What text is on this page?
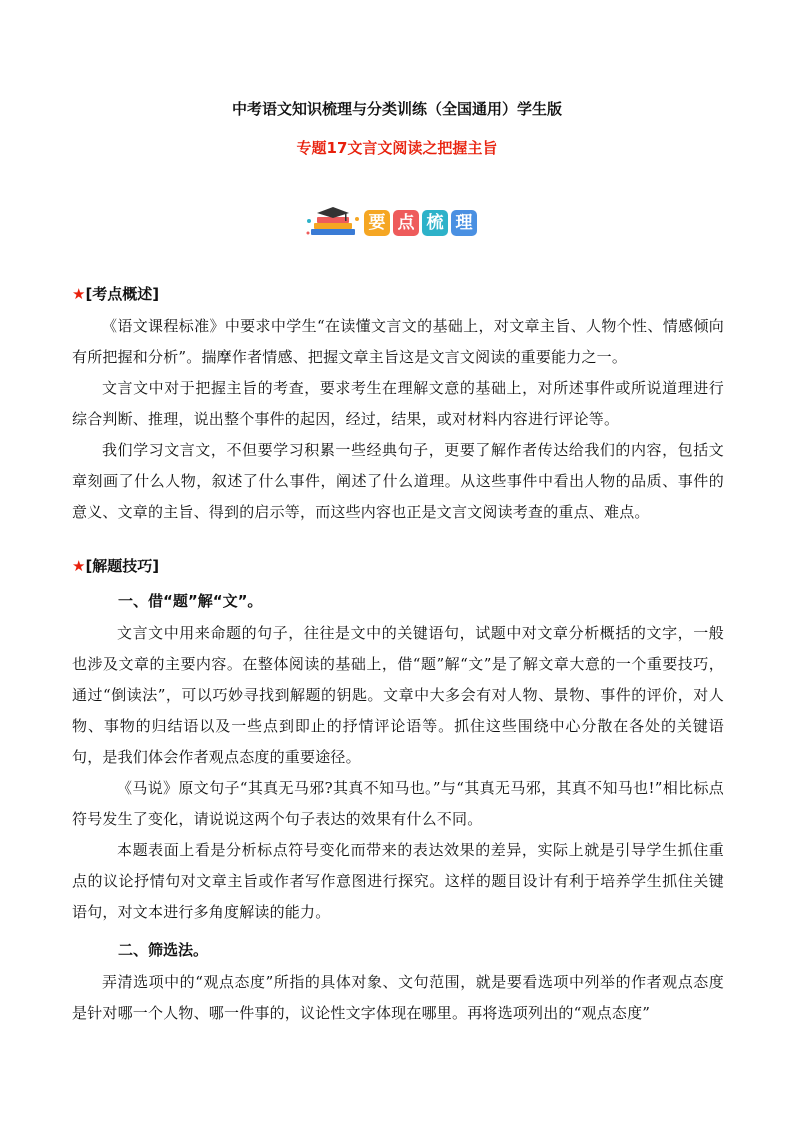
中考语文知识梳理与分类训练（全国通用）学生版
专题17文言文阅读之把握主旨
要 点 梳 理
★[考点概述]
《语文课程标准》中要求中学生“在读懂文言文的基础上，对文章主旨、人物个性、情感倾向有所把握和分析”。揣摩作者情感、把握文章主旨这是文言文阅读的重要能力之一。
文言文中对于把握主旨的考查，要求考生在理解文意的基础上，对所述事件或所说道理进行综合判断、推理，说出整个事件的起因，经过，结果，或对材料内容进行评论等。
我们学习文言文，不但要学习积累一些经典句子，更要了解作者传达给我们的内容，包括文章刻画了什么人物，叙述了什么事件，阐述了什么道理。从这些事件中看出人物的品质、事件的意义、文章的主旨、得到的启示等，而这些内容也正是文言文阅读考查的重点、难点。
★[解题技巧]
一、借“题”解“文”。
文言文中用来命题的句子，往往是文中的关键语句，试题中对文章分析概括的文字，一般也涉及文章的主要内容。在整体阅读的基础上，借“题”解“文”是了解文章大意的一个重要技巧，通过“倒读法”，可以巧妙寻找到解题的钥匙。文章中大多会有对人物、景物、事件的评价，对人物、事物的归结语以及一些点到即止的抒情评论语等。抓住这些围绕中心分散在各处的关键语句，是我们体会作者观点态度的重要途径。
《马说》原文句子“其真无马邪?其真不知马也。”与“其真无马邪，其真不知马也!”相比标点符号发生了变化，请说说这两个句子表达的效果有什么不同。
本题表面上看是分析标点符号变化而带来的表达效果的差异，实际上就是引导学生抓住重点的议论抒情句对文章主旨或作者写作意图进行探究。这样的题目设计有利于培养学生抓住关键语句，对文本进行多角度解读的能力。
二、筛选法。
弄清选项中的“观点态度”所指的具体对象、文句范围，就是要看选项中列举的作者观点态度是针对哪一个人物、哪一件事的，议论性文字体现在哪里。再将选项列出的“观点态度”
